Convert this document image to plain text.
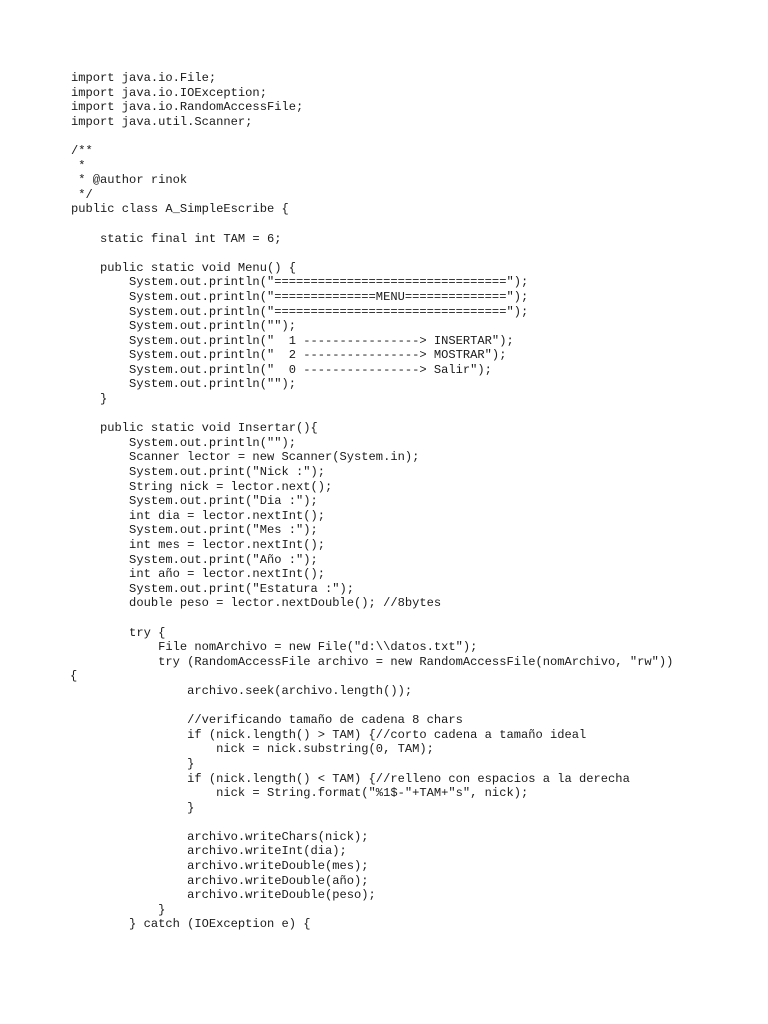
import java.io.File;
import java.io.IOException;
import java.io.RandomAccessFile;
import java.util.Scanner;
/**
*
* @author rinok
*/
public class A_SimpleEscribe {
static final int TAM = 6;
public static void Menu() {
System.out.println("================================");
System.out.println("==============MENU==============");
System.out.println("================================");
System.out.println("");
System.out.println("  1 ----------------> INSERTAR");
System.out.println("  2 ----------------> MOSTRAR");
System.out.println("  0 ----------------> Salir");
System.out.println("");
}
public static void Insertar(){
System.out.println("");
Scanner lector = new Scanner(System.in);
System.out.print("Nick :");
String nick = lector.next();
System.out.print("Dia :");
int dia = lector.nextInt();
System.out.print("Mes :");
int mes = lector.nextInt();
System.out.print("Año :");
int año = lector.nextInt();
System.out.print("Estatura :");
double peso = lector.nextDouble(); //8bytes
try {
File nomArchivo = new File("d:\\datos.txt");
try (RandomAccessFile archivo = new RandomAccessFile(nomArchivo, "rw"))
{
archivo.seek(archivo.length());
//verificando tamaño de cadena 8 chars
if (nick.length() > TAM) {//corto cadena a tamaño ideal
nick = nick.substring(0, TAM);
}
if (nick.length() < TAM) {//relleno con espacios a la derecha
nick = String.format("%1$-"+TAM+"s", nick);
}
archivo.writeChars(nick);
archivo.writeInt(dia);
archivo.writeDouble(mes);
archivo.writeDouble(año);
archivo.writeDouble(peso);
}
} catch (IOException e) {
